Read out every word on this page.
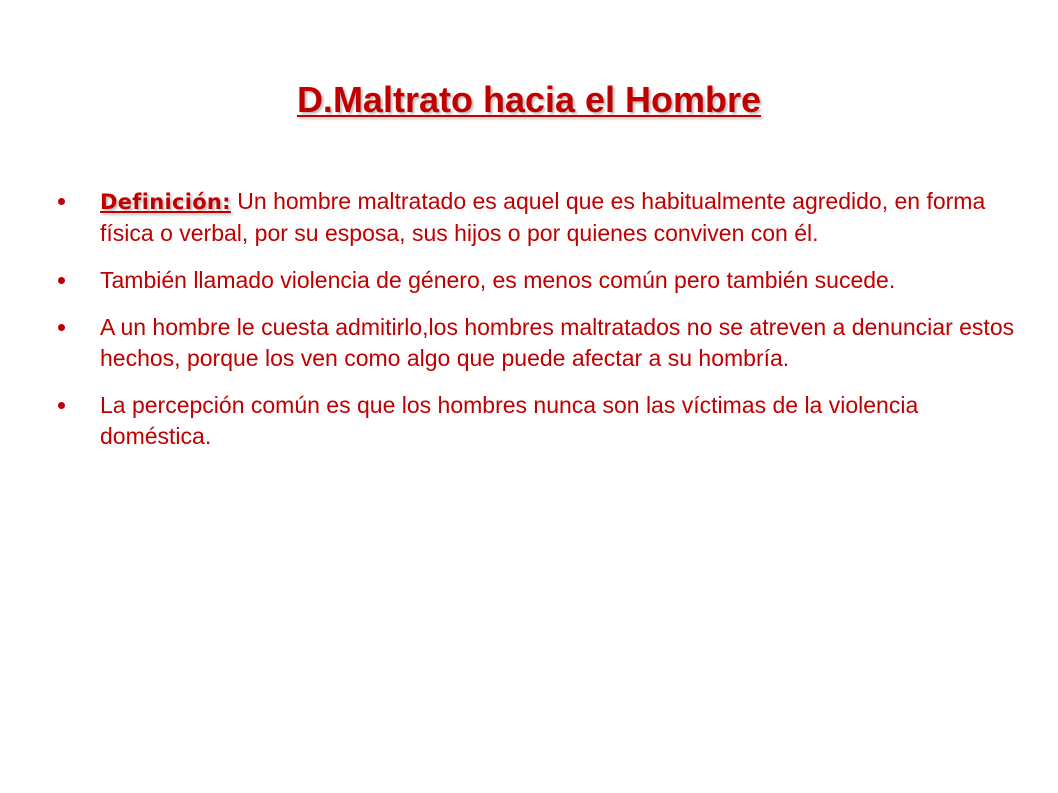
D.Maltrato hacia el Hombre
Definición: Un hombre maltratado es aquel que es habitualmente agredido, en forma física o verbal, por su esposa, sus hijos o por quienes conviven con él.
También llamado violencia de género, es menos común pero también sucede.
A un hombre le cuesta admitirlo,los hombres maltratados no se atreven a denunciar estos hechos, porque los ven como algo que puede afectar a su hombría.
La percepción común es que los hombres nunca son las víctimas de la violencia doméstica.
